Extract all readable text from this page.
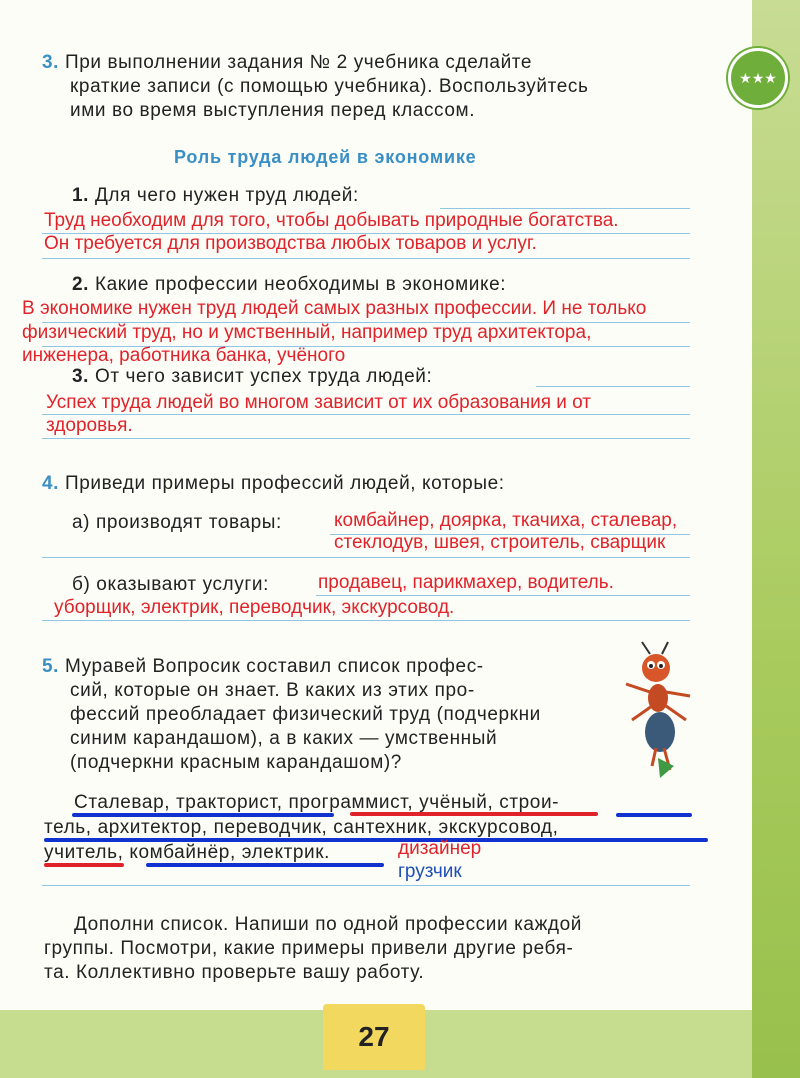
27
★★★
3. При выполнении задания № 2 учебника сделайте
краткие записи (с помощью учебника). Воспользуйтесь
ими во время выступления перед классом.
Роль труда людей в экономике
1. Для чего нужен труд людей:
Труд необходим для того, чтобы добывать природные богатства.
Он требуется для производства любых товаров и услуг.
2. Какие профессии необходимы в экономике:
В экономике нужен труд людей самых разных профессии. И не только
физический труд, но и умственный, например труд архитектора,
инженера, работника банка, учёного
3. От чего зависит успех труда людей:
Успех труда людей во многом зависит от их образования и от
здоровья.
4. Приведи примеры профессий людей, которые:
а) производят товары:	комбайнер, доярка, ткачиха, сталевар,
стеклодув, швея, строитель, сварщик
б) оказывают услуги:	продавец, парикмахер, водитель.
уборщик, электрик, переводчик, экскурсовод.
5. Муравей Вопросик составил список профес-
сий, которые он знает. В каких из этих про-
фессий преобладает физический труд (подчеркни
синим карандашом), а в каких — умственный
(подчеркни красным карандашом)?
Сталевар, тракторист, программист, учёный, строи-
тель, архитектор, переводчик, сантехник, экскурсовод,
учитель, комбайнёр, электрик.	дизайнер
грузчик
Дополни список. Напиши по одной профессии каждой
группы. Посмотри, какие примеры привели другие ребя-
та. Коллективно проверьте вашу работу.
